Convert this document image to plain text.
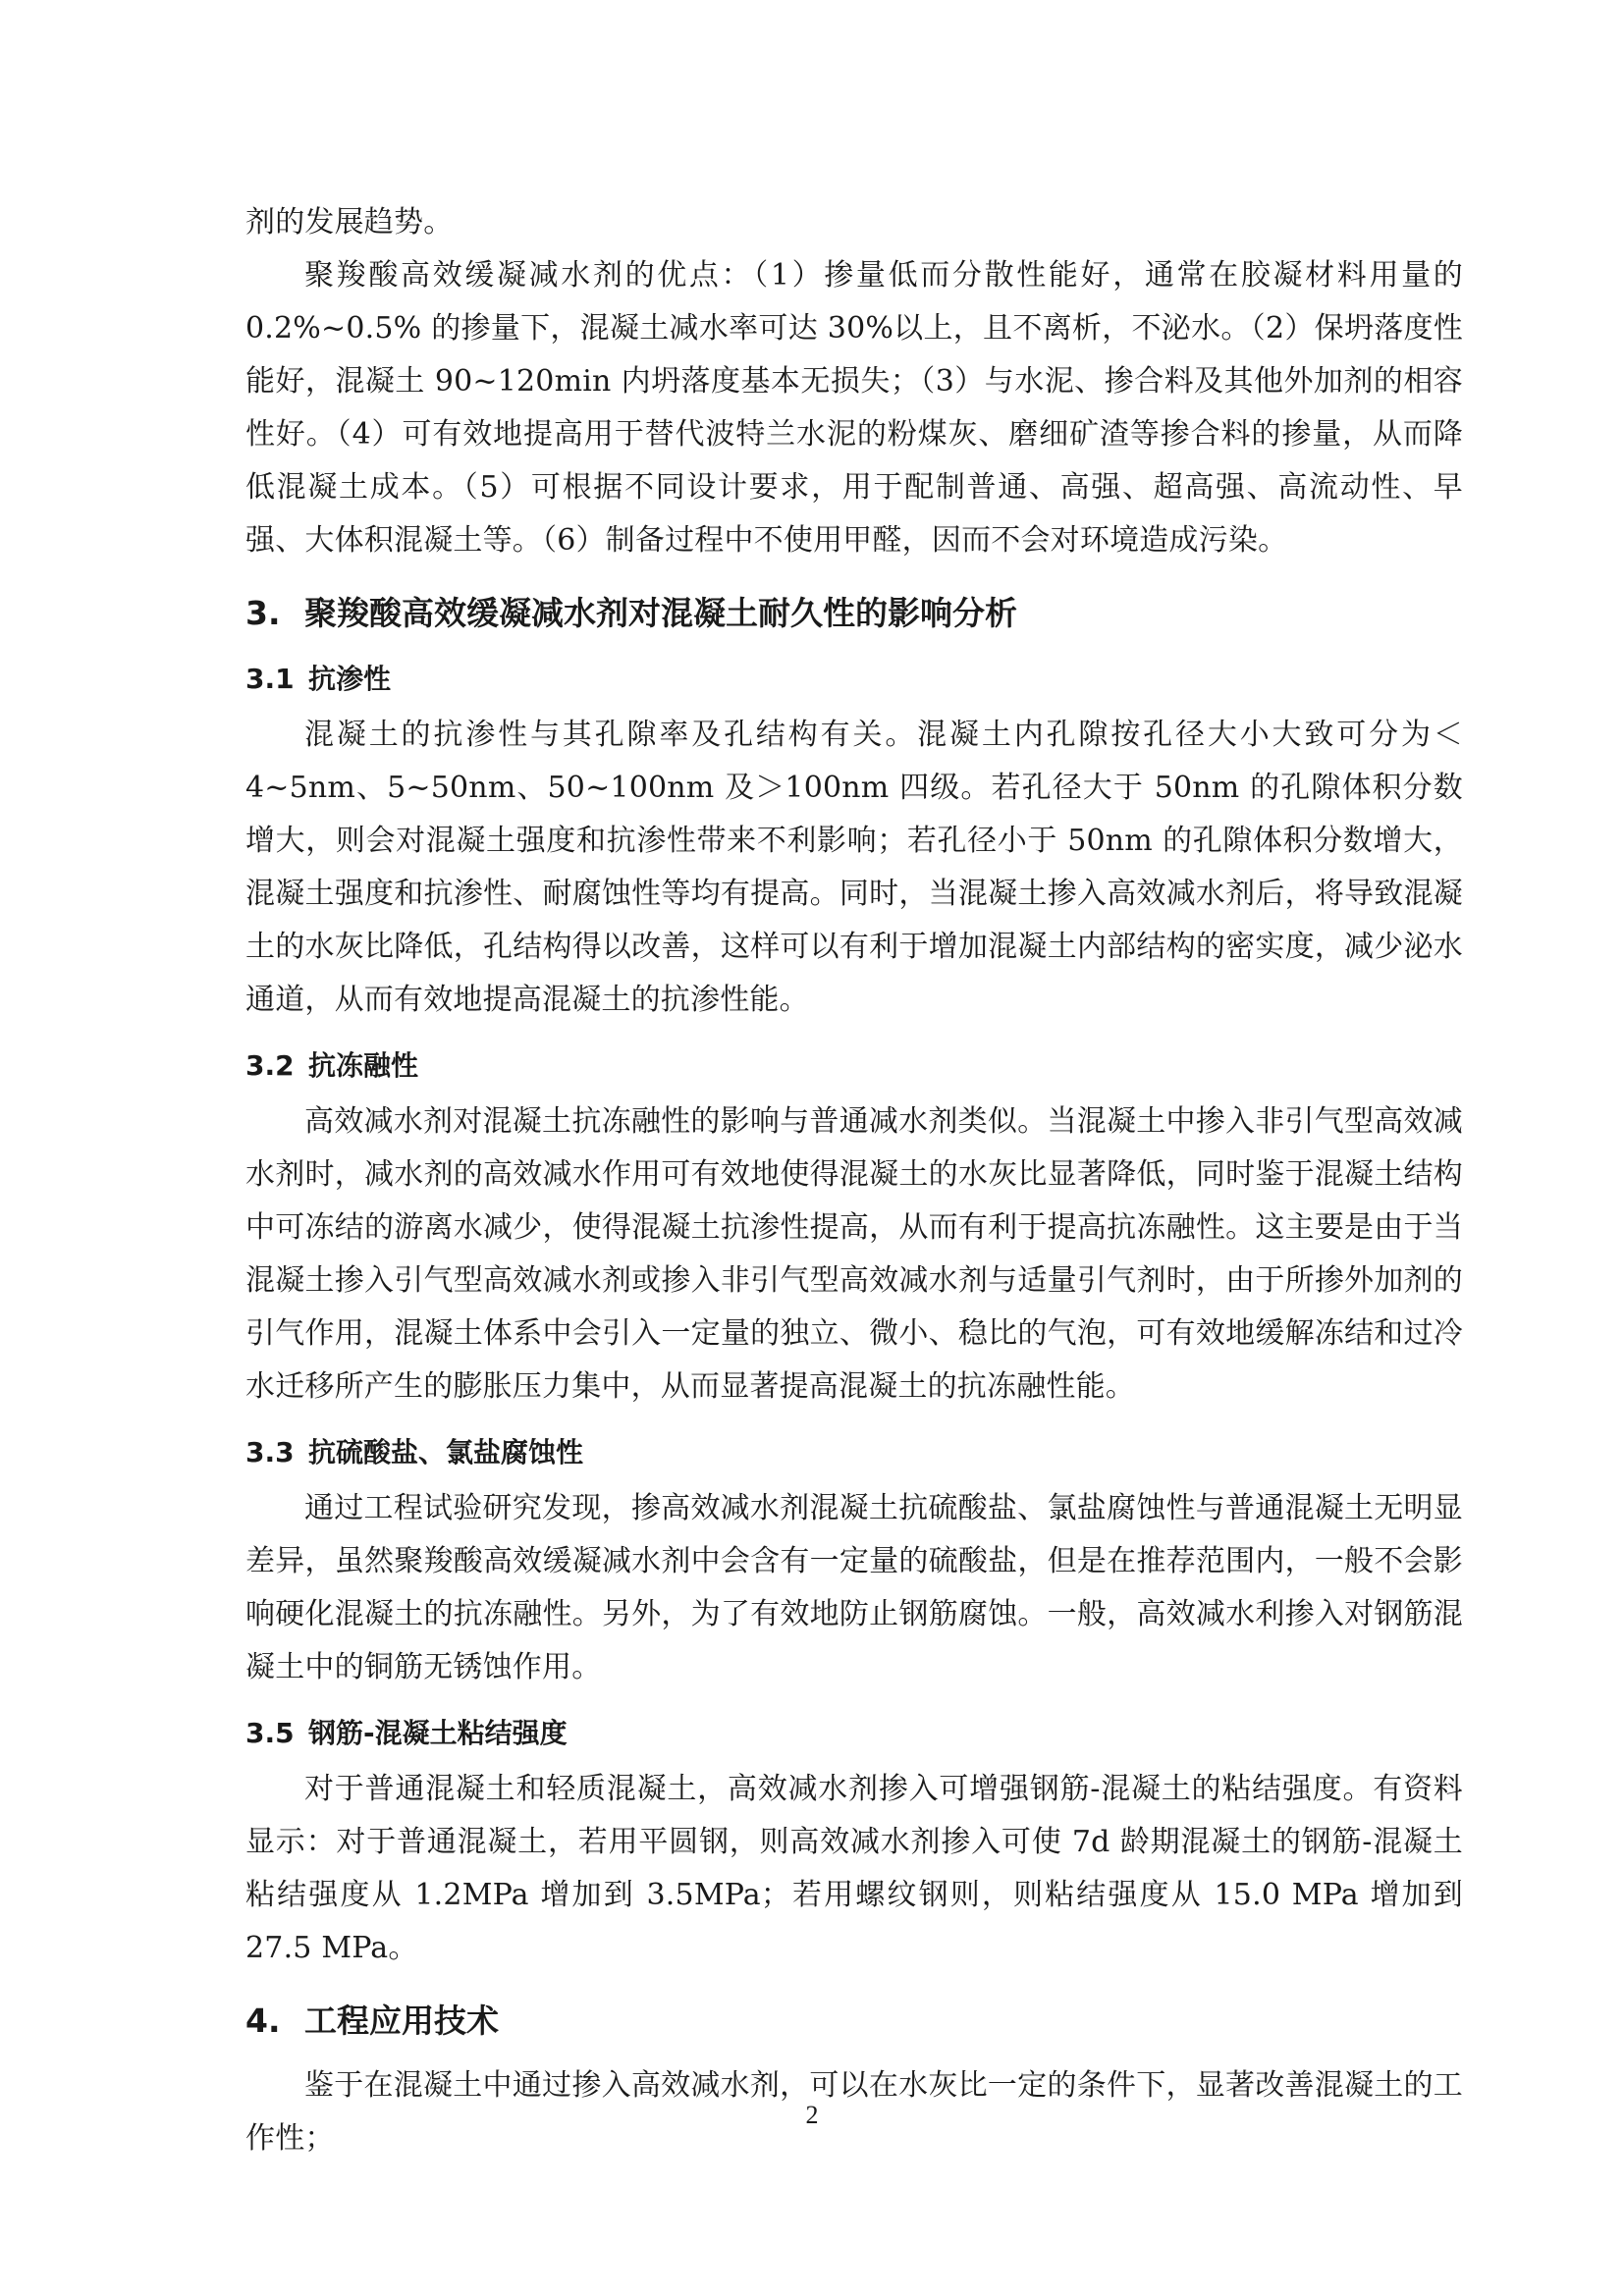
剂的发展趋势。

聚羧酸高效缓凝减水剂的优点：（1）掺量低而分散性能好，通常在胶凝材料用量的 0.2%~0.5% 的掺量下，混凝土减水率可达 30%以上，且不离析，不泌水。（2）保坍落度性能好，混凝土 90~120min 内坍落度基本无损失；（3）与水泥、掺合料及其他外加剂的相容性好。（4）可有效地提高用于替代波特兰水泥的粉煤灰、磨细矿渣等掺合料的掺量，从而降低混凝土成本。（5）可根据不同设计要求，用于配制普通、高强、超高强、高流动性、早强、大体积混凝土等。（6）制备过程中不使用甲醛，因而不会对环境造成污染。

3. 聚羧酸高效缓凝减水剂对混凝土耐久性的影响分析
3.1 抗渗性

混凝土的抗渗性与其孔隙率及孔结构有关。混凝土内孔隙按孔径大小大致可分为＜4~5nm、5~50nm、50~100nm 及＞100nm 四级。若孔径大于 50nm 的孔隙体积分数增大，则会对混凝土强度和抗渗性带来不利影响；若孔径小于 50nm 的孔隙体积分数增大，混凝土强度和抗渗性、耐腐蚀性等均有提高。同时，当混凝土掺入高效减水剂后，将导致混凝土的水灰比降低，孔结构得以改善，这样可以有利于增加混凝土内部结构的密实度，减少泌水通道，从而有效地提高混凝土的抗渗性能。

3.2 抗冻融性

高效减水剂对混凝土抗冻融性的影响与普通减水剂类似。当混凝土中掺入非引气型高效减水剂时，减水剂的高效减水作用可有效地使得混凝土的水灰比显著降低，同时鉴于混凝土结构中可冻结的游离水减少，使得混凝土抗渗性提高，从而有利于提高抗冻融性。这主要是由于当混凝土掺入引气型高效减水剂或掺入非引气型高效减水剂与适量引气剂时，由于所掺外加剂的引气作用，混凝土体系中会引入一定量的独立、微小、稳比的气泡，可有效地缓解冻结和过冷水迁移所产生的膨胀压力集中，从而显著提高混凝土的抗冻融性能。

3.3 抗硫酸盐、氯盐腐蚀性

通过工程试验研究发现，掺高效减水剂混凝土抗硫酸盐、氯盐腐蚀性与普通混凝土无明显差异，虽然聚羧酸高效缓凝减水剂中会含有一定量的硫酸盐，但是在推荐范围内，一般不会影响硬化混凝土的抗冻融性。另外，为了有效地防止钢筋腐蚀。一般，高效减水利掺入对钢筋混凝土中的铜筋无锈蚀作用。

3.5 钢筋-混凝土粘结强度

对于普通混凝土和轻质混凝土，高效减水剂掺入可增强钢筋-混凝土的粘结强度。有资料显示：对于普通混凝土，若用平圆钢，则高效减水剂掺入可使 7d 龄期混凝土的钢筋-混凝土粘结强度从 1.2MPa 增加到 3.5MPa；若用螺纹钢则，则粘结强度从 15.0 MPa 增加到 27.5 MPa。

4. 工程应用技术

鉴于在混凝土中通过掺入高效减水剂，可以在水灰比一定的条件下，显著改善混凝土的工作性；

2
